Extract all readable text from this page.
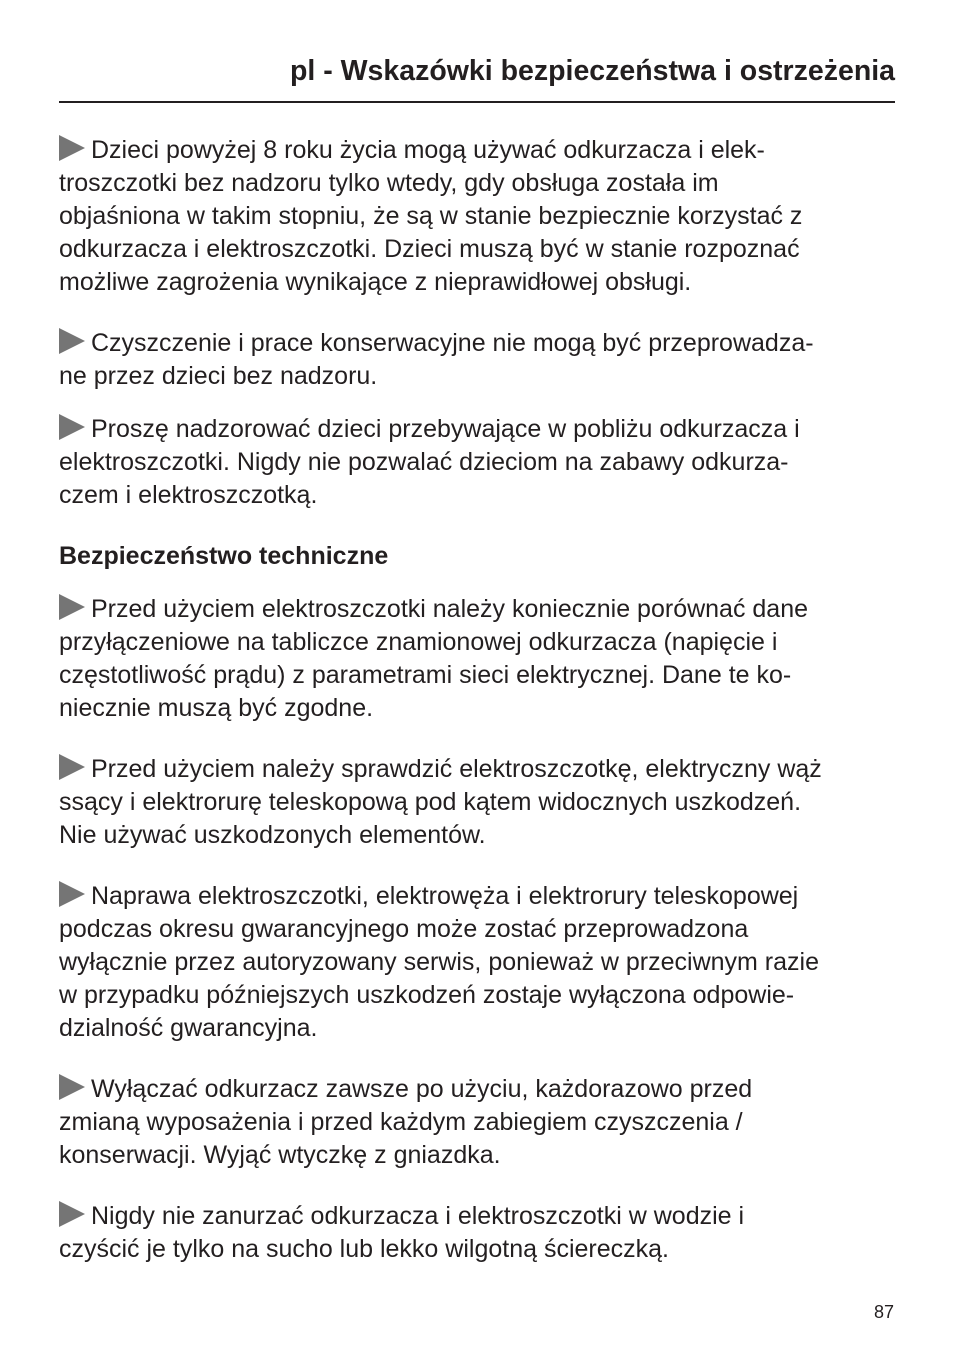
pl - Wskazówki bezpieczeństwa i ostrzeżenia

Dzieci powyżej 8 roku życia mogą używać odkurzacza i elek-
troszczotki bez nadzoru tylko wtedy, gdy obsługa została im
objaśniona w takim stopniu, że są w stanie bezpiecznie korzystać z
odkurzacza i elektroszczotki. Dzieci muszą być w stanie rozpoznać
możliwe zagrożenia wynikające z nieprawidłowej obsługi.

Czyszczenie i prace konserwacyjne nie mogą być przeprowadza-
ne przez dzieci bez nadzoru.

Proszę nadzorować dzieci przebywające w pobliżu odkurzacza i
elektroszczotki. Nigdy nie pozwalać dzieciom na zabawy odkurza-
czem i elektroszczotką.

Bezpieczeństwo techniczne

Przed użyciem elektroszczotki należy koniecznie porównać dane
przyłączeniowe na tabliczce znamionowej odkurzacza (napięcie i
częstotliwość prądu) z parametrami sieci elektrycznej. Dane te ko-
niecznie muszą być zgodne.

Przed użyciem należy sprawdzić elektroszczotkę, elektryczny wąż
ssący i elektrorurę teleskopową pod kątem widocznych uszkodzeń.
Nie używać uszkodzonych elementów.

Naprawa elektroszczotki, elektrowęża i elektrorury teleskopowej
podczas okresu gwarancyjnego może zostać przeprowadzona
wyłącznie przez autoryzowany serwis, ponieważ w przeciwnym razie
w przypadku późniejszych uszkodzeń zostaje wyłączona odpowie-
dzialność gwarancyjna.

Wyłączać odkurzacz zawsze po użyciu, każdorazowo przed
zmianą wyposażenia i przed każdym zabiegiem czyszczenia /
konserwacji. Wyjąć wtyczkę z gniazdka.

Nigdy nie zanurzać odkurzacza i elektroszczotki w wodzie i
czyścić je tylko na sucho lub lekko wilgotną ściereczką.

87
